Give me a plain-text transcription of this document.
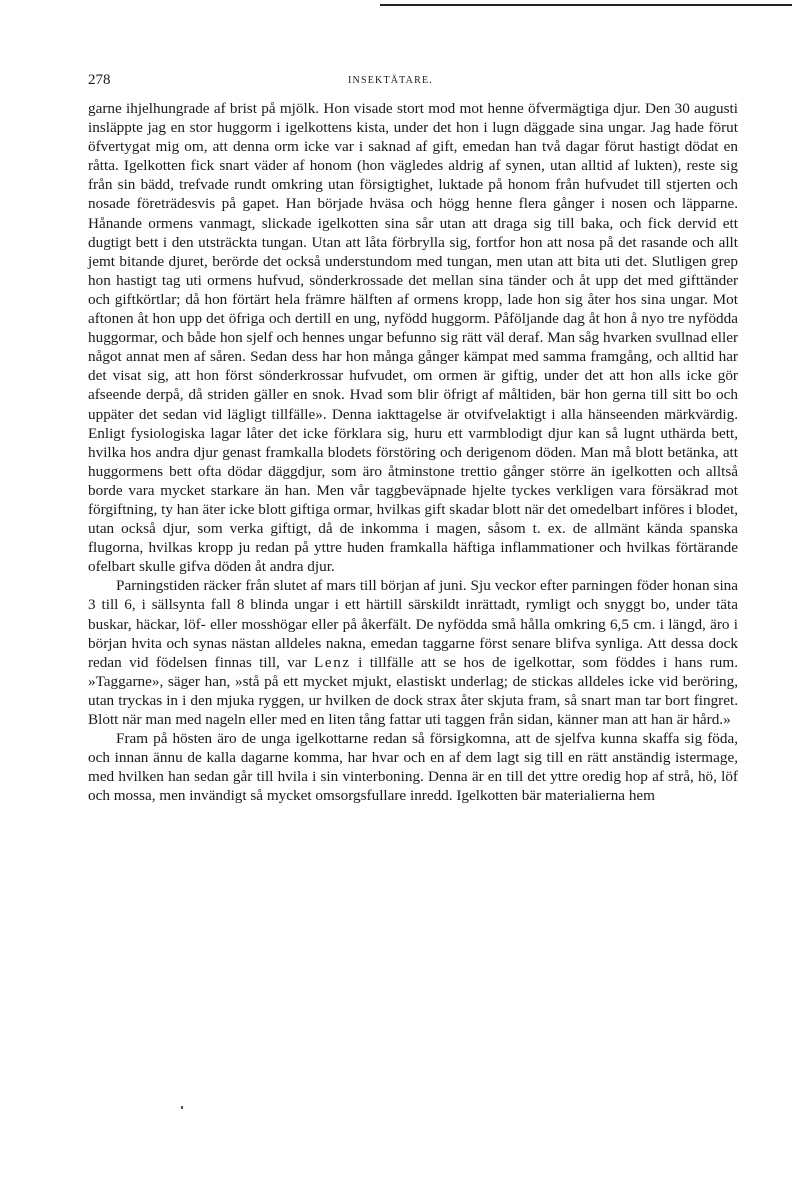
278	INSEKTÄTARE.

garne ihjelhungrade af brist på mjölk. Hon visade stort mod mot henne öfvermägtiga djur. Den 30 augusti insläppte jag en stor huggorm i igelkottens kista, under det hon i lugn däggade sina ungar. Jag hade förut öfvertygat mig om, att denna orm icke var i saknad af gift, emedan han två dagar förut hastigt dödat en råtta. Igelkotten fick snart väder af honom (hon vägledes aldrig af synen, utan alltid af lukten), reste sig från sin bädd, trefvade rundt omkring utan försigtighet, luktade på honom från hufvudet till stjerten och nosade företrädesvis på gapet. Han började hväsa och högg henne flera gånger i nosen och läpparne. Hånande ormens vanmagt, slickade igelkotten sina sår utan att draga sig till baka, och fick dervid ett dugtigt bett i den utsträckta tungan. Utan att låta förbrylla sig, fortfor hon att nosa på det rasande och allt jemt bitande djuret, berörde det också understundom med tungan, men utan att bita uti det. Slutligen grep hon hastigt tag uti ormens hufvud, sönderkrossade det mellan sina tänder och åt upp det med gifttänder och giftkörtlar; då hon förtärt hela främre hälften af ormens kropp, lade hon sig åter hos sina ungar. Mot aftonen åt hon upp det öfriga och dertill en ung, nyfödd huggorm. Påföljande dag åt hon å nyo tre nyfödda huggormar, och både hon sjelf och hennes ungar befunno sig rätt väl deraf. Man såg hvarken svullnad eller något annat men af såren. Sedan dess har hon många gånger kämpat med samma framgång, och alltid har det visat sig, att hon först sönderkrossar hufvudet, om ormen är giftig, under det att hon alls icke gör afseende derpå, då striden gäller en snok. Hvad som blir öfrigt af måltiden, bär hon gerna till sitt bo och uppäter det sedan vid lägligt tillfälle». Denna iakttagelse är otvifvelaktigt i alla hänseenden märkvärdig. Enligt fysiologiska lagar låter det icke förklara sig, huru ett varmblodigt djur kan så lugnt uthärda bett, hvilka hos andra djur genast framkalla blodets förstöring och derigenom döden. Man må blott betänka, att huggormens bett ofta dödar däggdjur, som äro åtminstone trettio gånger större än igelkotten och alltså borde vara mycket starkare än han. Men vår taggbeväpnade hjelte tyckes verkligen vara försäkrad mot förgiftning, ty han äter icke blott giftiga ormar, hvilkas gift skadar blott när det omedelbart införes i blodet, utan också djur, som verka giftigt, då de inkomma i magen, såsom t. ex. de allmänt kända spanska flugorna, hvilkas kropp ju redan på yttre huden framkalla häftiga inflammationer och hvilkas förtärande ofelbart skulle gifva döden åt andra djur.

Parningstiden räcker från slutet af mars till början af juni. Sju veckor efter parningen föder honan sina 3 till 6, i sällsynta fall 8 blinda ungar i ett härtill särskildt inrättadt, rymligt och snyggt bo, under täta buskar, häckar, löf- eller mosshögar eller på åkerfält. De nyfödda små hålla omkring 6,5 cm. i längd, äro i början hvita och synas nästan alldeles nakna, emedan taggarne först senare blifva synliga. Att dessa dock redan vid födelsen finnas till, var Lenz i tillfälle att se hos de igelkottar, som föddes i hans rum. »Taggarne», säger han, »stå på ett mycket mjukt, elastiskt underlag; de stickas alldeles icke vid beröring, utan tryckas in i den mjuka ryggen, ur hvilken de dock strax åter skjuta fram, så snart man tar bort fingret. Blott när man med nageln eller med en liten tång fattar uti taggen från sidan, känner man att han är hård.»

Fram på hösten äro de unga igelkottarne redan så försigkomna, att de sjelfva kunna skaffa sig föda, och innan ännu de kalla dagarne komma, har hvar och en af dem lagt sig till en rätt anständig istermage, med hvilken han sedan går till hvila i sin vinterboning. Denna är en till det yttre oredig hop af strå, hö, löf och mossa, men invändigt så mycket omsorgsfullare inredd. Igelkotten bär materialierna hem
